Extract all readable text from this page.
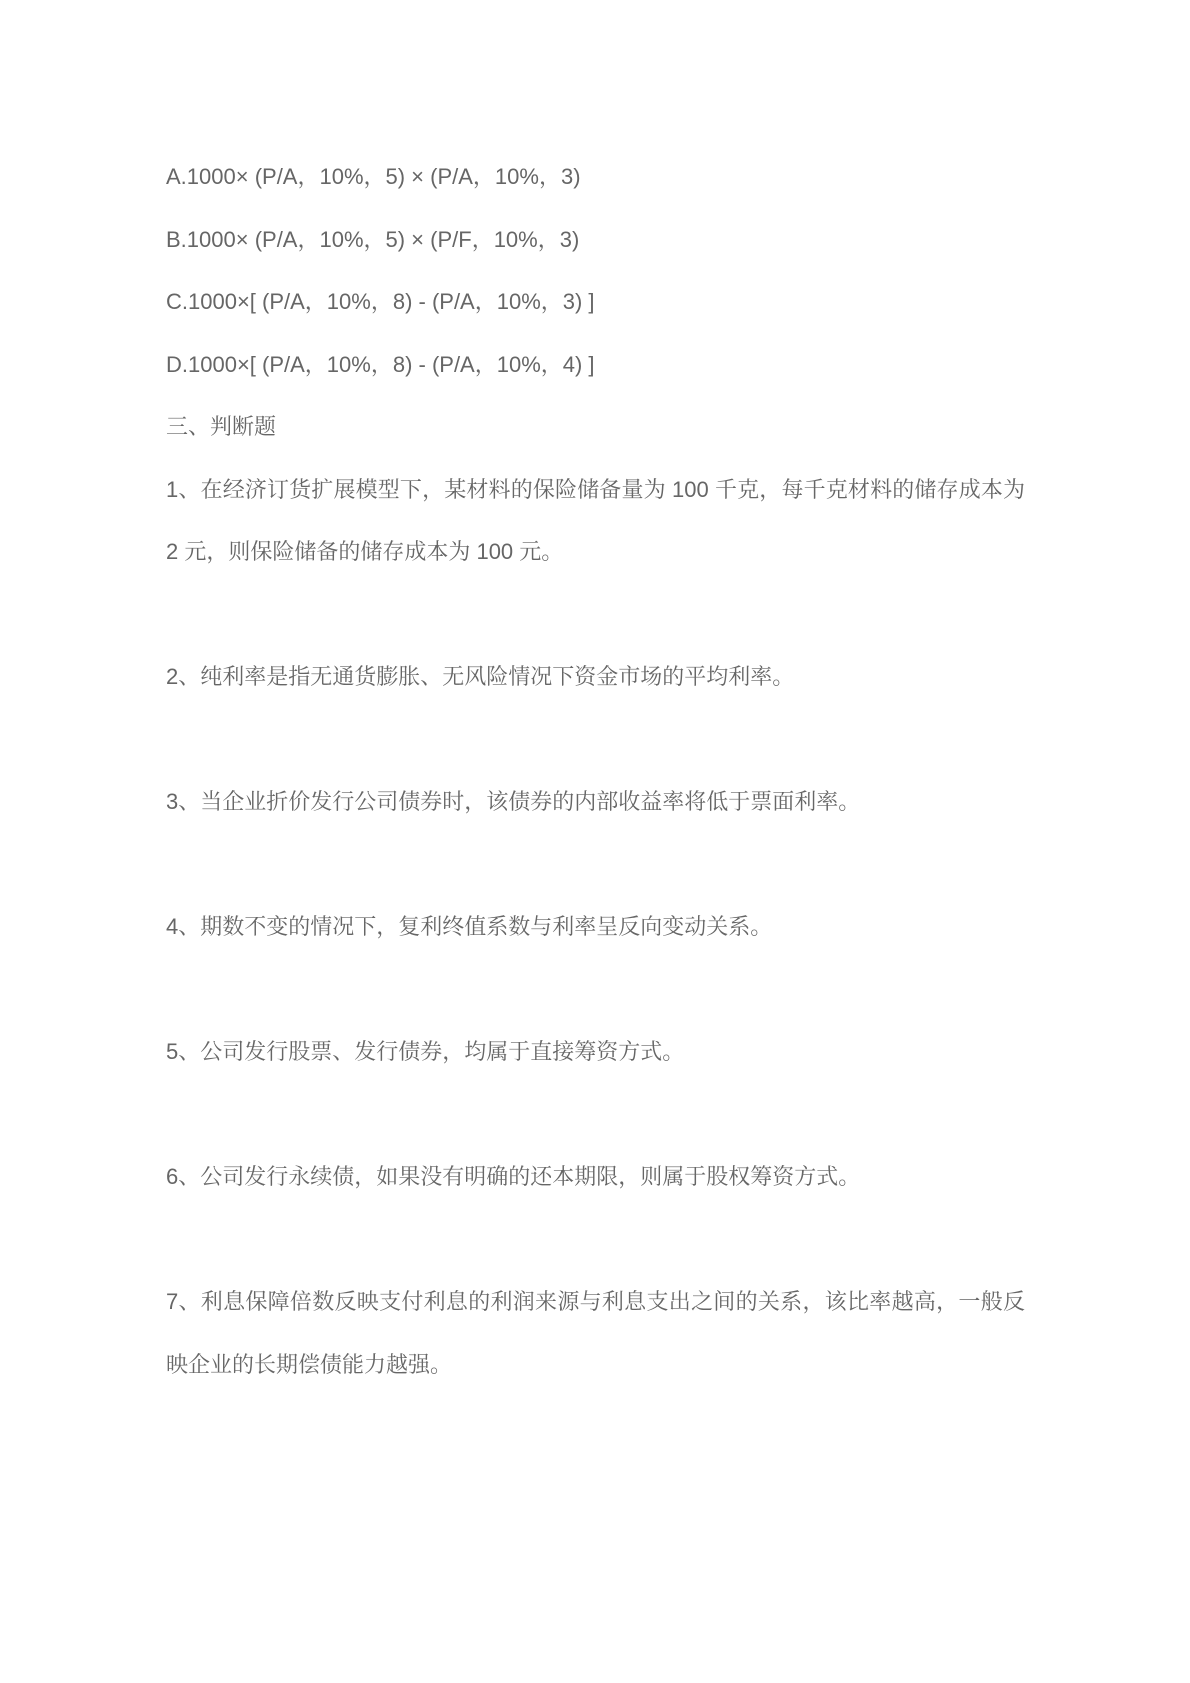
A.1000× (P/A，10%，5) × (P/A，10%，3)

B.1000× (P/A，10%，5) × (P/F，10%，3)

C.1000×[ (P/A，10%，8) - (P/A，10%，3) ]

D.1000×[ (P/A，10%，8) - (P/A，10%，4) ]

三、判断题

1、在经济订货扩展模型下，某材料的保险储备量为 100 千克，每千克材料的储存成本为 2 元，则保险储备的储存成本为 100 元。

2、纯利率是指无通货膨胀、无风险情况下资金市场的平均利率。

3、当企业折价发行公司债券时，该债券的内部收益率将低于票面利率。

4、期数不变的情况下，复利终值系数与利率呈反向变动关系。

5、公司发行股票、发行债券，均属于直接筹资方式。

6、公司发行永续债，如果没有明确的还本期限，则属于股权筹资方式。

7、利息保障倍数反映支付利息的利润来源与利息支出之间的关系，该比率越高，一般反映企业的长期偿债能力越强。
